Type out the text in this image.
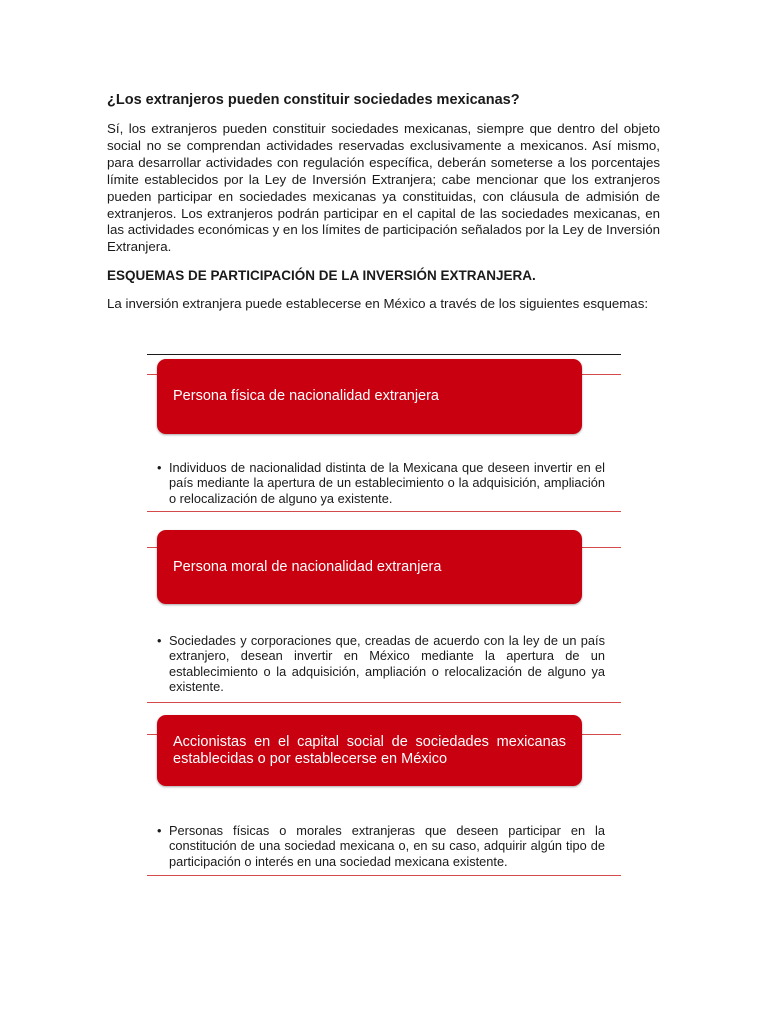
¿Los extranjeros pueden constituir sociedades mexicanas?
Sí, los extranjeros pueden constituir sociedades mexicanas, siempre que dentro del objeto social no se comprendan actividades reservadas exclusivamente a mexicanos. Así mismo, para desarrollar actividades con regulación específica, deberán someterse a los porcentajes límite establecidos por la Ley de Inversión Extranjera; cabe mencionar que los extranjeros pueden participar en sociedades mexicanas ya constituidas, con cláusula de admisión de extranjeros. Los extranjeros podrán participar en el capital de las sociedades mexicanas, en las actividades económicas y en los límites de participación señalados por la Ley de Inversión Extranjera.
ESQUEMAS DE PARTICIPACIÓN DE LA INVERSIÓN EXTRANJERA.
La inversión extranjera puede establecerse en México a través de los siguientes esquemas:
Persona física de nacionalidad extranjera
• Individuos de nacionalidad distinta de la Mexicana que deseen invertir en el país mediante la apertura de un establecimiento o la adquisición, ampliación o relocalización de alguno ya existente.
Persona moral de nacionalidad extranjera
• Sociedades y corporaciones que, creadas de acuerdo con la ley de un país extranjero, desean invertir en México mediante la apertura de un establecimiento o la adquisición, ampliación o relocalización de alguno ya existente.
Accionistas en el capital social de sociedades mexicanas establecidas o por establecerse en México
• Personas físicas o morales extranjeras que deseen participar en la constitución de una sociedad mexicana o, en su caso, adquirir algún tipo de participación o interés en una sociedad mexicana existente.
